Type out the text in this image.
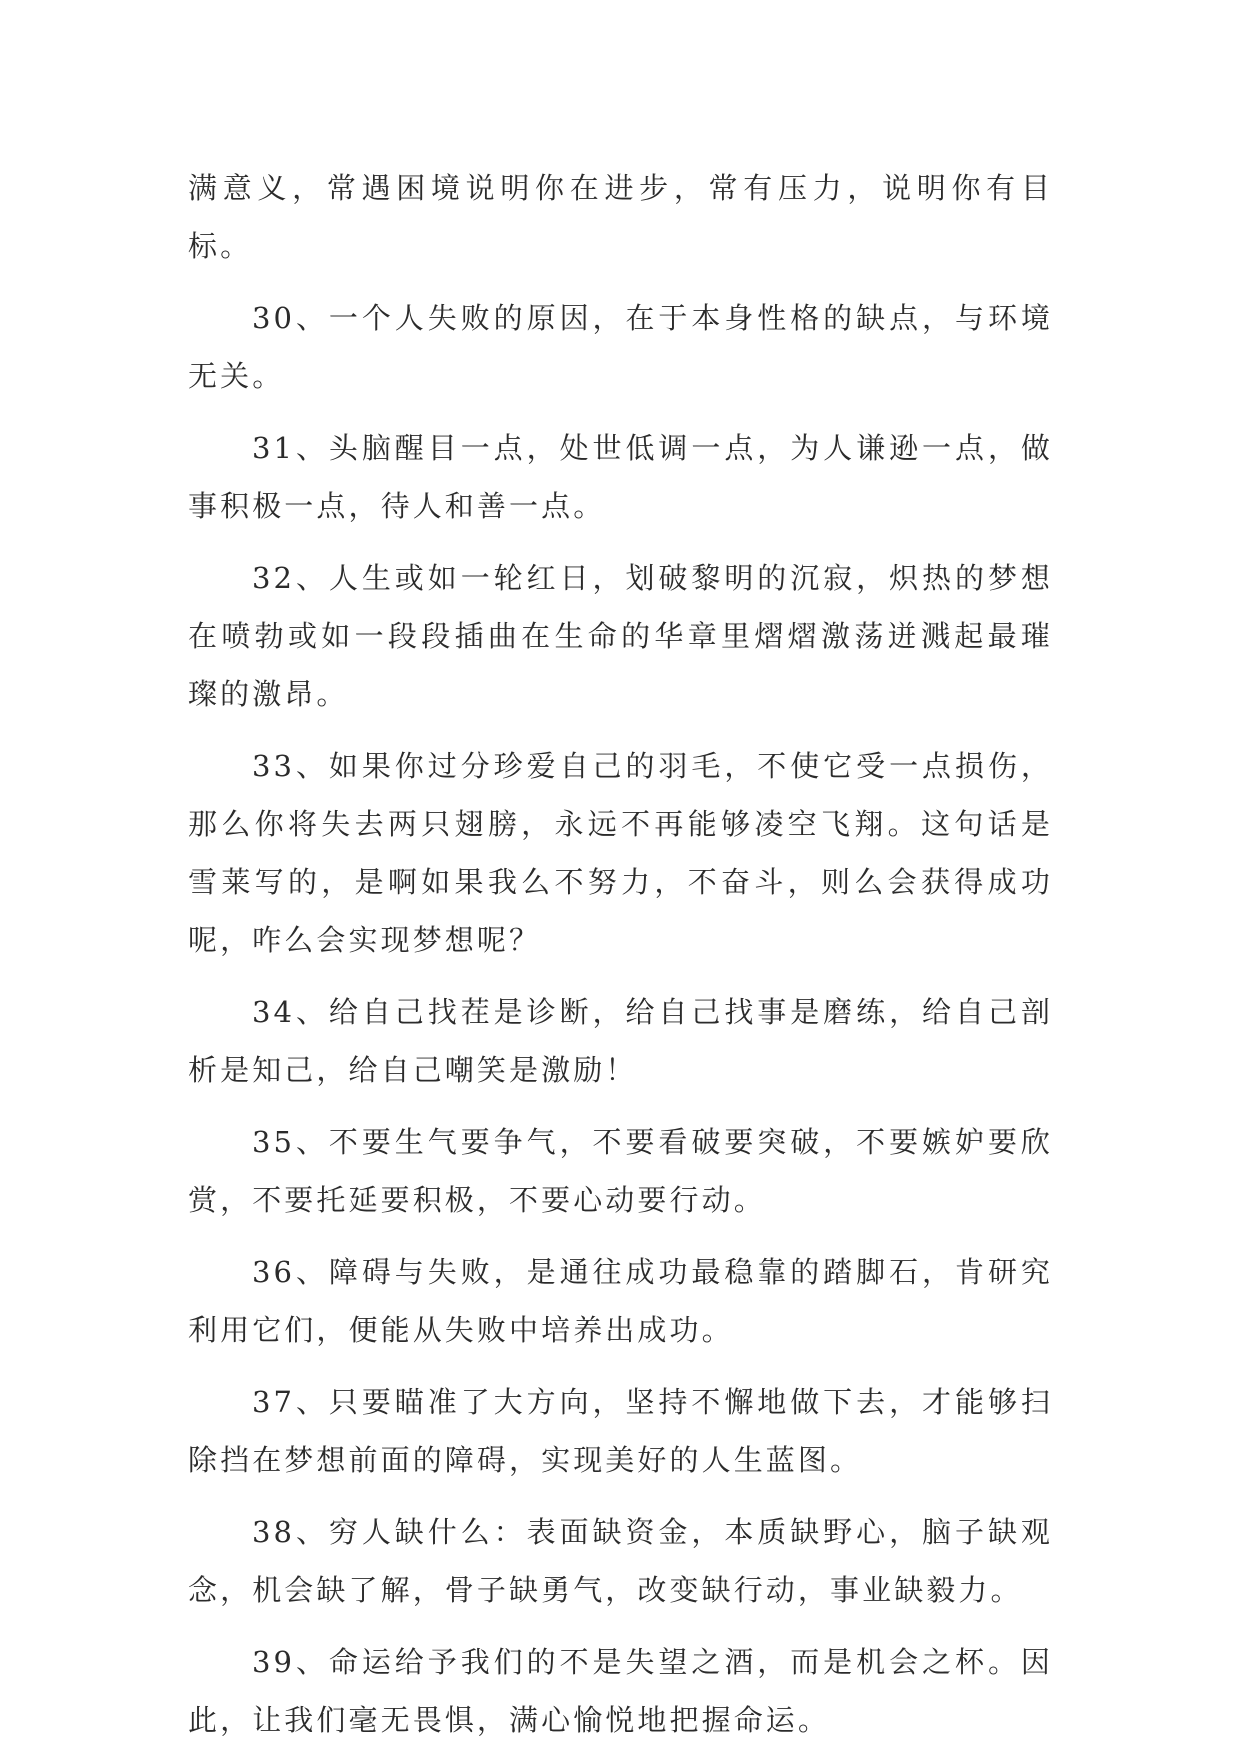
满意义，常遇困境说明你在进步，常有压力，说明你有目标。

30、一个人失败的原因，在于本身性格的缺点，与环境无关。

31、头脑醒目一点，处世低调一点，为人谦逊一点，做事积极一点，待人和善一点。

32、人生或如一轮红日，划破黎明的沉寂，炽热的梦想在喷勃或如一段段插曲在生命的华章里熠熠激荡迸溅起最璀璨的激昂。

33、如果你过分珍爱自己的羽毛，不使它受一点损伤，那么你将失去两只翅膀，永远不再能够凌空飞翔。这句话是雪莱写的，是啊如果我么不努力，不奋斗，则么会获得成功呢，咋么会实现梦想呢？

34、给自己找茬是诊断，给自己找事是磨练，给自己剖析是知己，给自己嘲笑是激励！

35、不要生气要争气，不要看破要突破，不要嫉妒要欣赏，不要托延要积极，不要心动要行动。

36、障碍与失败，是通往成功最稳靠的踏脚石，肯研究利用它们，便能从失败中培养出成功。

37、只要瞄准了大方向，坚持不懈地做下去，才能够扫除挡在梦想前面的障碍，实现美好的人生蓝图。

38、穷人缺什么：表面缺资金，本质缺野心，脑子缺观念，机会缺了解，骨子缺勇气，改变缺行动，事业缺毅力。

39、命运给予我们的不是失望之酒，而是机会之杯。因此，让我们毫无畏惧，满心愉悦地把握命运。
